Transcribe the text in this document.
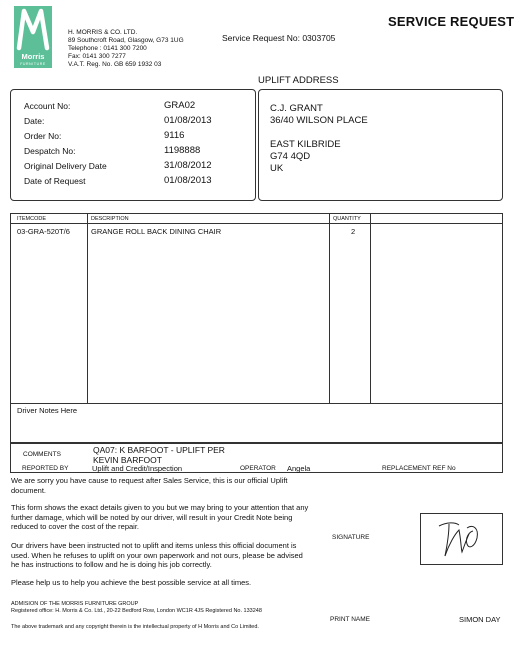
Morris
FURNITURE
H. MORRIS & CO. LTD.
89 Southcroft Road, Glasgow, G73 1UG
Telephone : 0141 300 7200
Fax: 0141 300 7277
V.A.T. Reg. No. GB 659 1932 03
SERVICE REQUEST
Service Request No: 0303705
UPLIFT ADDRESS
Account No:	GRA02
Date:	01/08/2013
Order No:	9116
Despatch No:	1198888
Original Delivery Date	31/08/2012
Date of Request	01/08/2013
C.J. GRANT
36/40 WILSON PLACE
EAST KILBRIDE
G74 4QD
UK
ITEMCODE	DESCRIPTION	QUANTITY
03-GRA-520T/6	GRANGE ROLL BACK DINING CHAIR	2
Driver Notes Here
COMMENTS	QA07: K BARFOOT - UPLIFT PER
KEVIN BARFOOT
REPORTED BY	Uplift and Credit/Inspection	OPERATOR Angela	REPLACEMENT REF No
We are sorry you have cause to request after Sales Service, this is our official Uplift document.
This form shows the exact details given to you but we may bring to your attention that any further damage, which will be noted by our driver, will result in your Credit Note being reduced to cover the cost of the repair.
Our drivers have been instructed not to uplift and items unless this official document is used. When he refuses to uplift on your own paperwork and not ours, please be advised he has instructions to follow and he is doing his job correctly.
Please help us to help you achieve the best possible service at all times.
SIGNATURE
ADMISION OF THE MORRIS FURNITURE GROUP
Registered office: H. Morris & Co. Ltd., 20-22 Bedford Row, London WC1R 4JS Registered No. 133248
The above trademark and any copyright therein is the intellectual property of H Morris and Co Limited.
PRINT NAME	SIMON DAY
